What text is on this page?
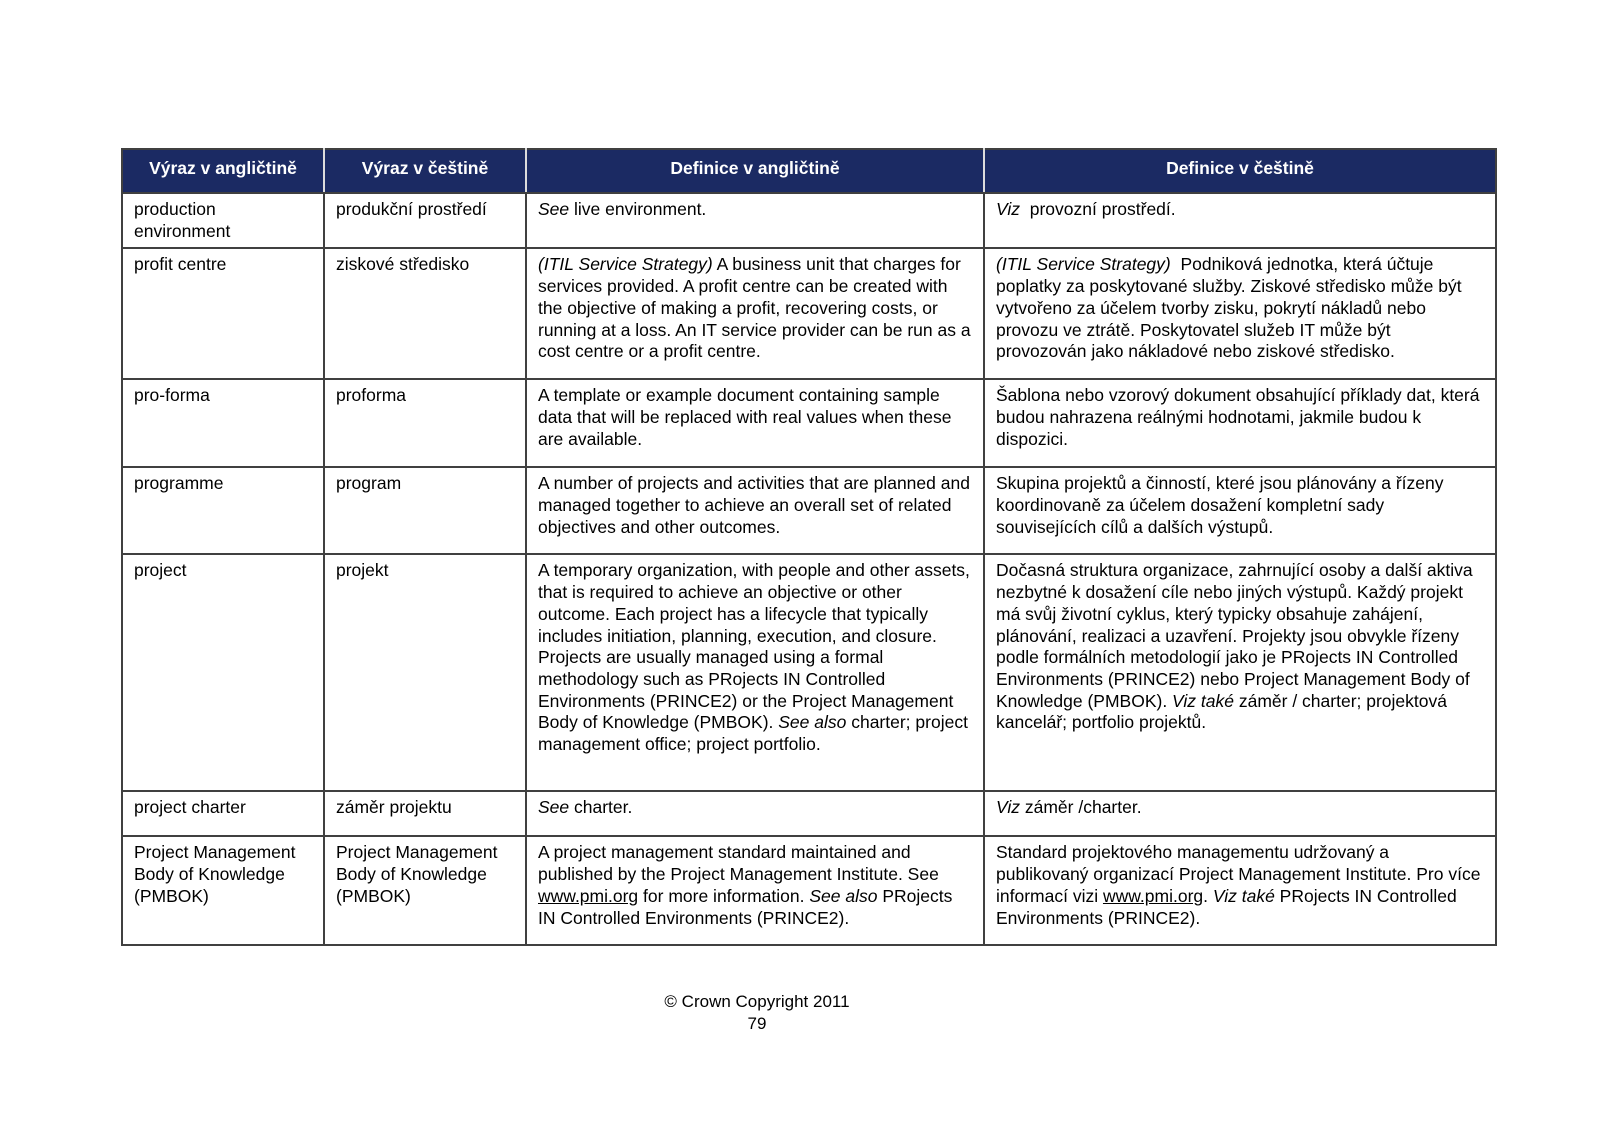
Výraz v angličtině	Výraz v češtině	Definice v angličtině	Definice v češtině
production environment	produkční prostředí	See live environment.	Viz  provozní prostředí.
profit centre	ziskové středisko	(ITIL Service Strategy) A business unit that charges for services provided. A profit centre can be created with the objective of making a profit, recovering costs, or running at a loss. An IT service provider can be run as a cost centre or a profit centre.	(ITIL Service Strategy)  Podniková jednotka, která účtuje poplatky za poskytované služby. Ziskové středisko může být vytvořeno za účelem tvorby zisku, pokrytí nákladů nebo provozu ve ztrátě. Poskytovatel služeb IT může být provozován jako nákladové nebo ziskové středisko.
pro-forma	proforma	A template or example document containing sample data that will be replaced with real values when these are available.	Šablona nebo vzorový dokument obsahující příklady dat, která budou nahrazena reálnými hodnotami, jakmile budou k dispozici.
programme	program	A number of projects and activities that are planned and managed together to achieve an overall set of related objectives and other outcomes.	Skupina projektů a činností, které jsou plánovány a řízeny koordinovaně za účelem dosažení kompletní sady souvisejících cílů a dalších výstupů.
project	projekt	A temporary organization, with people and other assets, that is required to achieve an objective or other outcome. Each project has a lifecycle that typically includes initiation, planning, execution, and closure. Projects are usually managed using a formal methodology such as PRojects IN Controlled Environments (PRINCE2) or the Project Management Body of Knowledge (PMBOK). See also charter; project management office; project portfolio.	Dočasná struktura organizace, zahrnující osoby a další aktiva nezbytné k dosažení cíle nebo jiných výstupů. Každý projekt má svůj životní cyklus, který typicky obsahuje zahájení, plánování, realizaci a uzavření. Projekty jsou obvykle řízeny podle formálních metodologií jako je PRojects IN Controlled Environments (PRINCE2) nebo Project Management Body of Knowledge (PMBOK). Viz také záměr / charter; projektová kancelář; portfolio projektů.
project charter	záměr projektu	See charter.	Viz záměr /charter.
Project Management Body of Knowledge (PMBOK)	Project Management Body of Knowledge (PMBOK)	A project management standard maintained and published by the Project Management Institute. See www.pmi.org for more information. See also PRojects IN Controlled Environments (PRINCE2).	Standard projektového managementu udržovaný a publikovaný organizací Project Management Institute. Pro více informací vizi www.pmi.org. Viz také PRojects IN Controlled Environments (PRINCE2).
© Crown Copyright 2011
79
